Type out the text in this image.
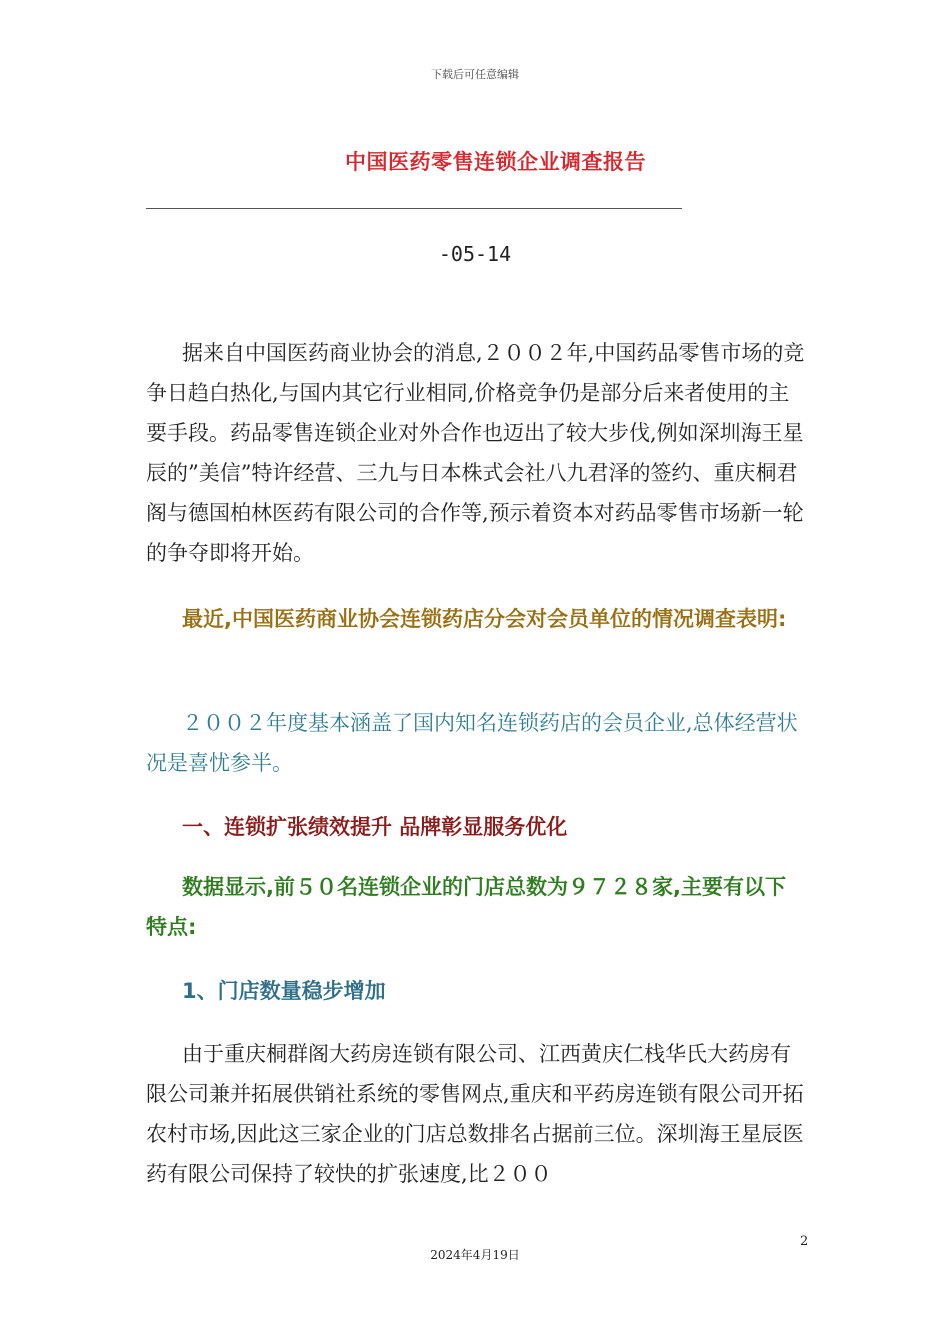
下载后可任意编辑
中国医药零售连锁企业调查报告
-05-14

据来自中国医药商业协会的消息,２００２年,中国药品零售市场的竞争日趋白热化,与国内其它行业相同,价格竞争仍是部分后来者使用的主要手段。药品零售连锁企业对外合作也迈出了较大步伐,例如深圳海王星辰的”美信”特许经营、三九与日本株式会社八九君泽的签约、重庆桐君阁与德国柏林医药有限公司的合作等,预示着资本对药品零售市场新一轮的争夺即将开始。

最近,中国医药商业协会连锁药店分会对会员单位的情况调查表明:

２００２年度基本涵盖了国内知名连锁药店的会员企业,总体经营状况是喜忧参半。

一、连锁扩张绩效提升 品牌彰显服务优化

数据显示,前５０名连锁企业的门店总数为９７２８家,主要有以下特点:

1、门店数量稳步增加

由于重庆桐群阁大药房连锁有限公司、江西黄庆仁栈华氏大药房有限公司兼并拓展供销社系统的零售网点,重庆和平药房连锁有限公司开拓农村市场,因此这三家企业的门店总数排名占据前三位。深圳海王星辰医药有限公司保持了较快的扩张速度,比２００

2
2024年4月19日
